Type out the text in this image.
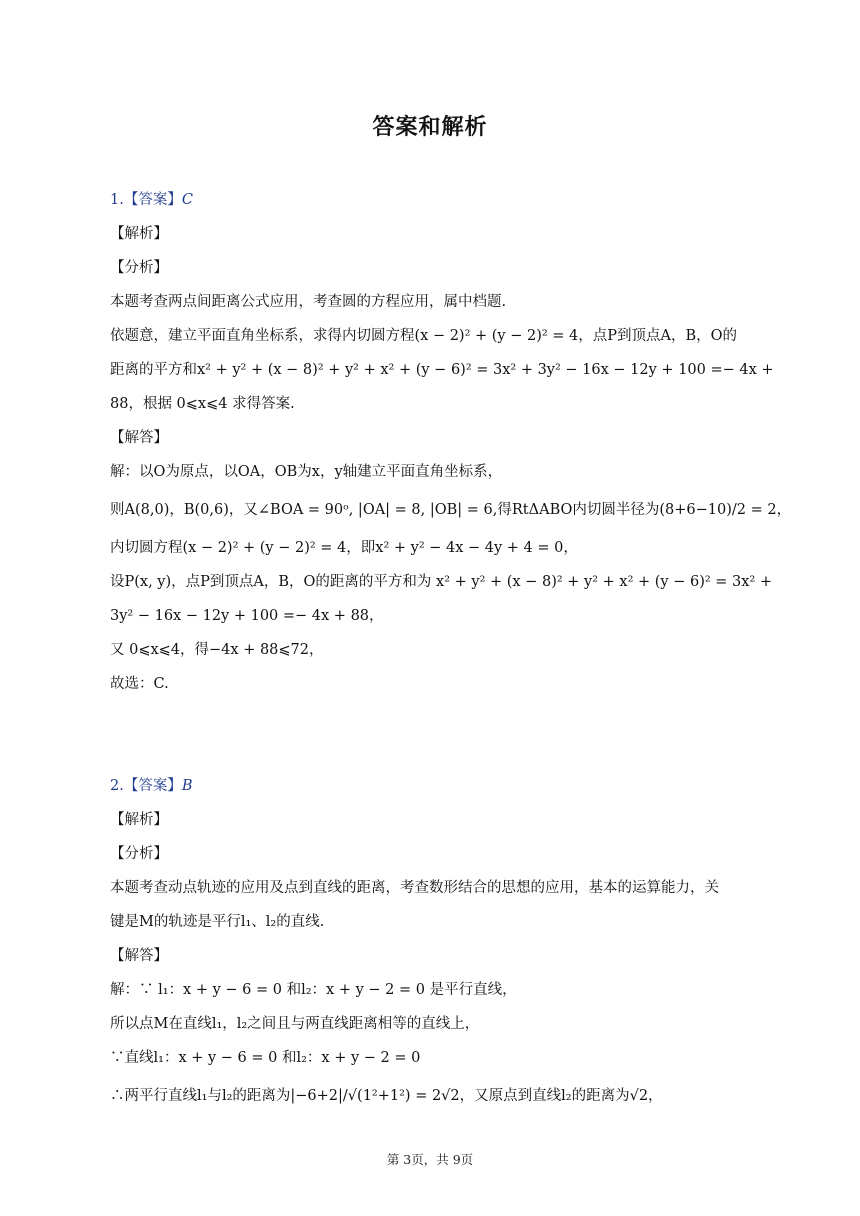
答案和解析
1.【答案】C
【解析】
【分析】
本题考查两点间距离公式应用，考查圆的方程应用，属中档题.
依题意，建立平面直角坐标系，求得内切圆方程(x − 2)² + (y − 2)² = 4，点P到顶点A，B，O的
距离的平方和x² + y² + (x − 8)² + y² + x² + (y − 6)² = 3x² + 3y² − 16x − 12y + 100 =− 4x +
88，根据 0⩽x⩽4 求得答案.
【解答】
解：以O为原点，以OA，OB为x，y轴建立平面直角坐标系，
则A(8,0)，B(0,6)，又∠BOA = 90ᵒ, |OA| = 8, |OB| = 6,得RtΔABO内切圆半径为(8+6−10)/2 = 2，
内切圆方程(x − 2)² + (y − 2)² = 4，即x² + y² − 4x − 4y + 4 = 0，
设P(x, y)，点P到顶点A，B，O的距离的平方和为 x² + y² + (x − 8)² + y² + x² + (y − 6)² = 3x² +
3y² − 16x − 12y + 100 =− 4x + 88，
又 0⩽x⩽4，得−4x + 88⩽72，
故选：C.
2.【答案】B
【解析】
【分析】
本题考查动点轨迹的应用及点到直线的距离，考查数形结合的思想的应用，基本的运算能力，关
键是M的轨迹是平行l₁、l₂的直线.
【解答】
解：∵ l₁：x + y − 6 = 0 和l₂：x + y − 2 = 0 是平行直线，
所以点M在直线l₁，l₂之间且与两直线距离相等的直线上，
∵直线l₁：x + y − 6 = 0 和l₂：x + y − 2 = 0
∴两平行直线l₁与l₂的距离为|−6+2|/√(1²+1²) = 2√2，又原点到直线l₂的距离为√2，
第 3页，共 9页
